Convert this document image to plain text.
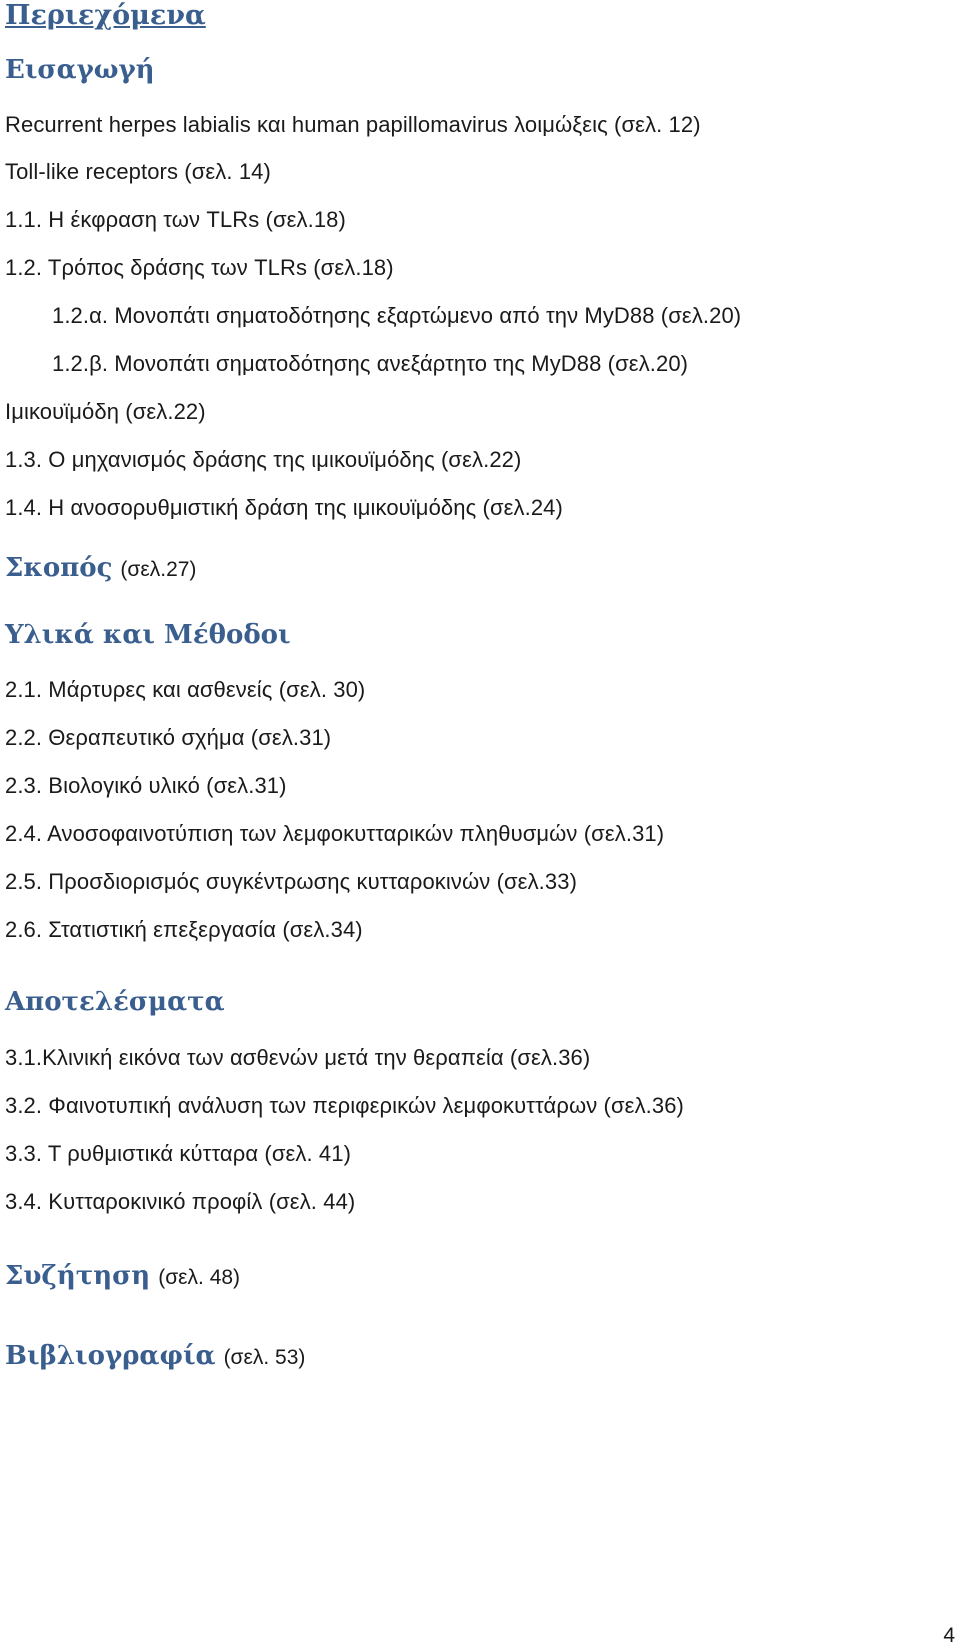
Περιεχόμενα
Εισαγωγή
Recurrent herpes labialis και human papillomavirus λοιμώξεις (σελ. 12)
Toll-like receptors (σελ. 14)
1.1. Η έκφραση των TLRs (σελ.18)
1.2. Τρόπος δράσης των TLRs (σελ.18)
1.2.α. Μονοπάτι σηματοδότησης εξαρτώμενο από την MyD88 (σελ.20)
1.2.β. Μονοπάτι σηματοδότησης ανεξάρτητο της MyD88 (σελ.20)
Ιμικουϊμόδη (σελ.22)
1.3. Ο μηχανισμός δράσης της ιμικουϊμόδης (σελ.22)
1.4. Η ανοσορυθμιστική δράση της ιμικουϊμόδης (σελ.24)
Σκοπός (σελ.27)
Υλικά και Μέθοδοι
2.1. Μάρτυρες και ασθενείς (σελ. 30)
2.2. Θεραπευτικό σχήμα (σελ.31)
2.3. Βιολογικό υλικό (σελ.31)
2.4. Ανοσοφαινοτύπιση των λεμφοκυτταρικών πληθυσμών (σελ.31)
2.5. Προσδιορισμός συγκέντρωσης κυτταροκινών (σελ.33)
2.6. Στατιστική επεξεργασία (σελ.34)
Αποτελέσματα
3.1.Κλινική εικόνα των ασθενών μετά την θεραπεία (σελ.36)
3.2. Φαινοτυπική ανάλυση των περιφερικών λεμφοκυττάρων (σελ.36)
3.3. Τ ρυθμιστικά κύτταρα (σελ. 41)
3.4. Κυτταροκινικό προφίλ (σελ. 44)
Συζήτηση (σελ. 48)
Βιβλιογραφία (σελ. 53)
4
